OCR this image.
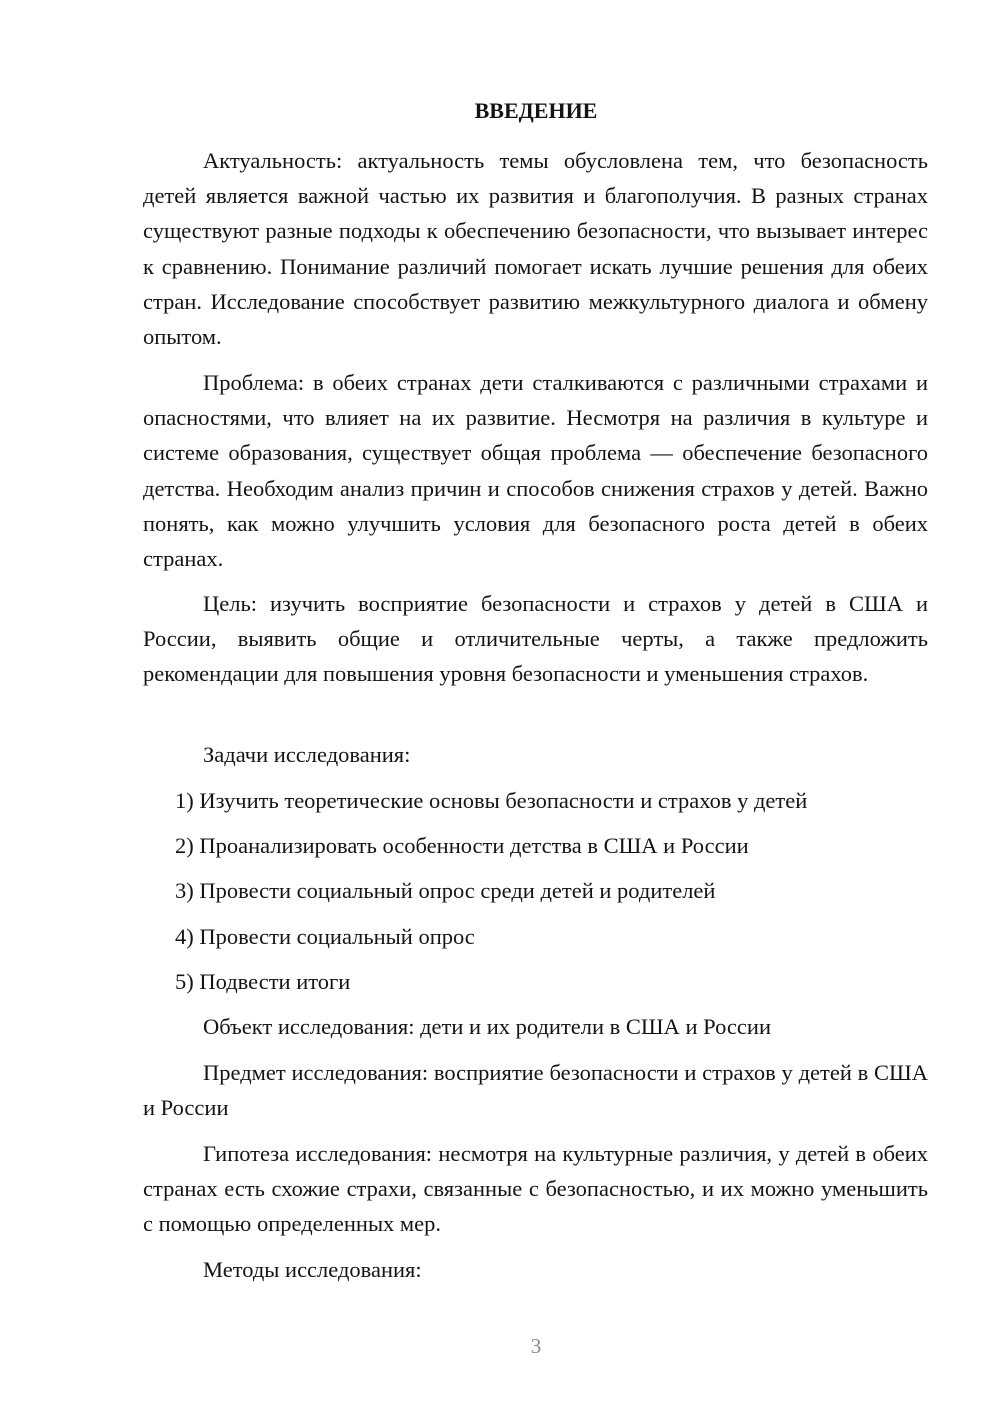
ВВЕДЕНИЕ

Актуальность: актуальность темы обусловлена тем, что безопасность детей является важной частью их развития и благополучия. В разных странах существуют разные подходы к обеспечению безопасности, что вызывает интерес к сравнению. Понимание различий помогает искать лучшие решения для обеих стран. Исследование способствует развитию межкультурного диалога и обмену опытом.

Проблема: в обеих странах дети сталкиваются с различными страхами и опасностями, что влияет на их развитие. Несмотря на различия в культуре и системе образования, существует общая проблема — обеспечение безопасного детства. Необходим анализ причин и способов снижения страхов у детей. Важно понять, как можно улучшить условия для безопасного роста детей в обеих странах.

Цель: изучить восприятие безопасности и страхов у детей в США и России, выявить общие и отличительные черты, а также предложить рекомендации для повышения уровня безопасности и уменьшения страхов.

Задачи исследования:

1) Изучить теоретические основы безопасности и страхов у детей

2) Проанализировать особенности детства в США и России

3) Провести социальный опрос среди детей и родителей

4) Провести социальный опрос

5) Подвести итоги

Объект исследования: дети и их родители в США и России

Предмет исследования: восприятие безопасности и страхов у детей в США и России

Гипотеза исследования: несмотря на культурные различия, у детей в обеих странах есть схожие страхи, связанные с безопасностью, и их можно уменьшить с помощью определенных мер.

Методы исследования:

3
